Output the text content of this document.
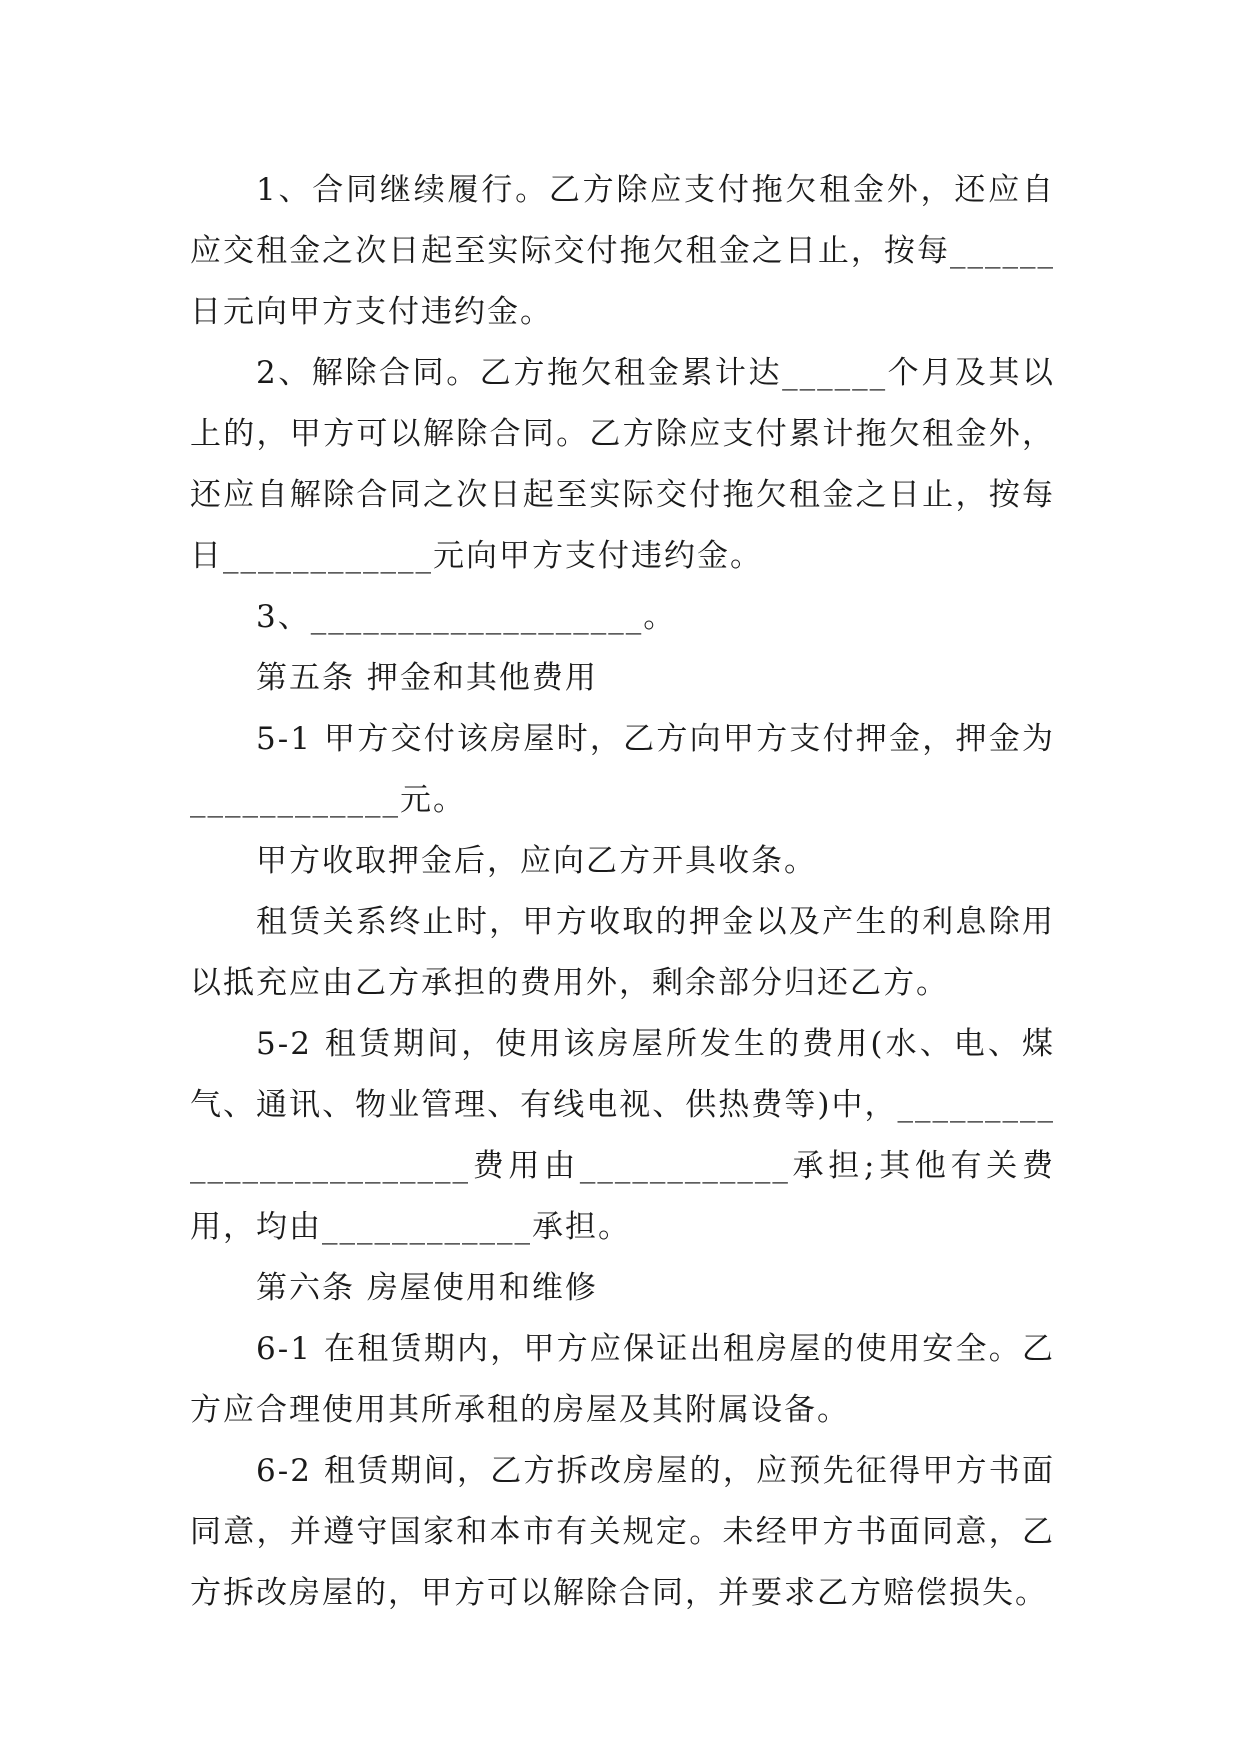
1、合同继续履行。乙方除应支付拖欠租金外，还应自应交租金之次日起至实际交付拖欠租金之日止，按每______日元向甲方支付违约金。

2、解除合同。乙方拖欠租金累计达______个月及其以上的，甲方可以解除合同。乙方除应支付累计拖欠租金外，还应自解除合同之次日起至实际交付拖欠租金之日止，按每日____________元向甲方支付违约金。

3、___________________。

第五条 押金和其他费用

5-1 甲方交付该房屋时，乙方向甲方支付押金，押金为____________元。

甲方收取押金后，应向乙方开具收条。

租赁关系终止时，甲方收取的押金以及产生的利息除用以抵充应由乙方承担的费用外，剩余部分归还乙方。

5-2 租赁期间，使用该房屋所发生的费用(水、电、煤气、通讯、物业管理、有线电视、供热费等)中，_________________________费用由____________承担;其他有关费用，均由____________承担。

第六条 房屋使用和维修

6-1 在租赁期内，甲方应保证出租房屋的使用安全。乙方应合理使用其所承租的房屋及其附属设备。

6-2 租赁期间，乙方拆改房屋的，应预先征得甲方书面同意，并遵守国家和本市有关规定。未经甲方书面同意，乙方拆改房屋的，甲方可以解除合同，并要求乙方赔偿损失。
